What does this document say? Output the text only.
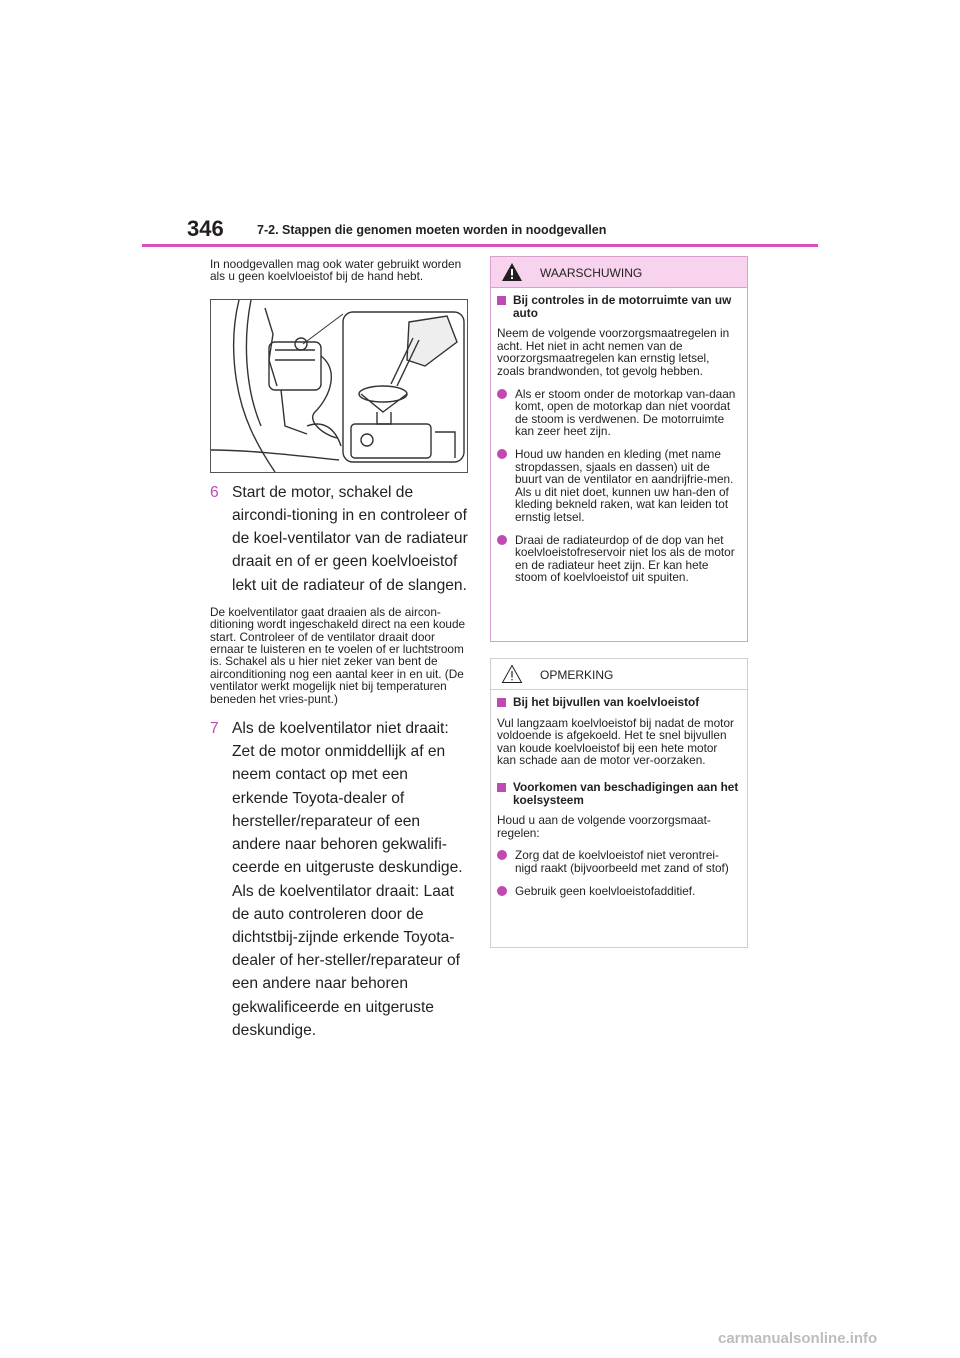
346	7-2. Stappen die genomen moeten worden in noodgevallen

In noodgevallen mag ook water gebruikt worden als u geen koelvloeistof bij de hand hebt.

6 Start de motor, schakel de aircondi-tioning in en controleer of de koel-ventilator van de radiateur draait en of er geen koelvloeistof lekt uit de radiateur of de slangen.

De koelventilator gaat draaien als de aircon-ditioning wordt ingeschakeld direct na een koude start. Controleer of de ventilator draait door ernaar te luisteren en te voelen of er luchtstroom is. Schakel als u hier niet zeker van bent de airconditioning nog een aantal keer in en uit. (De ventilator werkt mogelijk niet bij temperaturen beneden het vries-punt.)

7 Als de koelventilator niet draait: Zet de motor onmiddellijk af en neem contact op met een erkende Toyota-dealer of hersteller/reparateur of een andere naar behoren gekwalifi-ceerde en uitgeruste deskundige. Als de koelventilator draait: Laat de auto controleren door de dichtstbij-zijnde erkende Toyota-dealer of her-steller/reparateur of een andere naar behoren gekwalificeerde en uitgeruste deskundige.

WAARSCHUWING

Bij controles in de motorruimte van uw auto

Neem de volgende voorzorgsmaatregelen in acht. Het niet in acht nemen van de voorzorgsmaatregelen kan ernstig letsel, zoals brandwonden, tot gevolg hebben.

Als er stoom onder de motorkap van-daan komt, open de motorkap dan niet voordat de stoom is verdwenen. De motorruimte kan zeer heet zijn.

Houd uw handen en kleding (met name stropdassen, sjaals en dassen) uit de buurt van de ventilator en aandrijfrie-men. Als u dit niet doet, kunnen uw han-den of kleding bekneld raken, wat kan leiden tot ernstig letsel.

Draai de radiateurdop of de dop van het koelvloeistofreservoir niet los als de motor en de radiateur heet zijn. Er kan hete stoom of koelvloeistof uit spuiten.

OPMERKING

Bij het bijvullen van koelvloeistof

Vul langzaam koelvloeistof bij nadat de motor voldoende is afgekoeld. Het te snel bijvullen van koude koelvloeistof bij een hete motor kan schade aan de motor ver-oorzaken.

Voorkomen van beschadigingen aan het koelsysteem

Houd u aan de volgende voorzorgsmaat-regelen:

Zorg dat de koelvloeistof niet verontrei-nigd raakt (bijvoorbeeld met zand of stof)

Gebruik geen koelvloeistofadditief.

carmanualsonline.info
